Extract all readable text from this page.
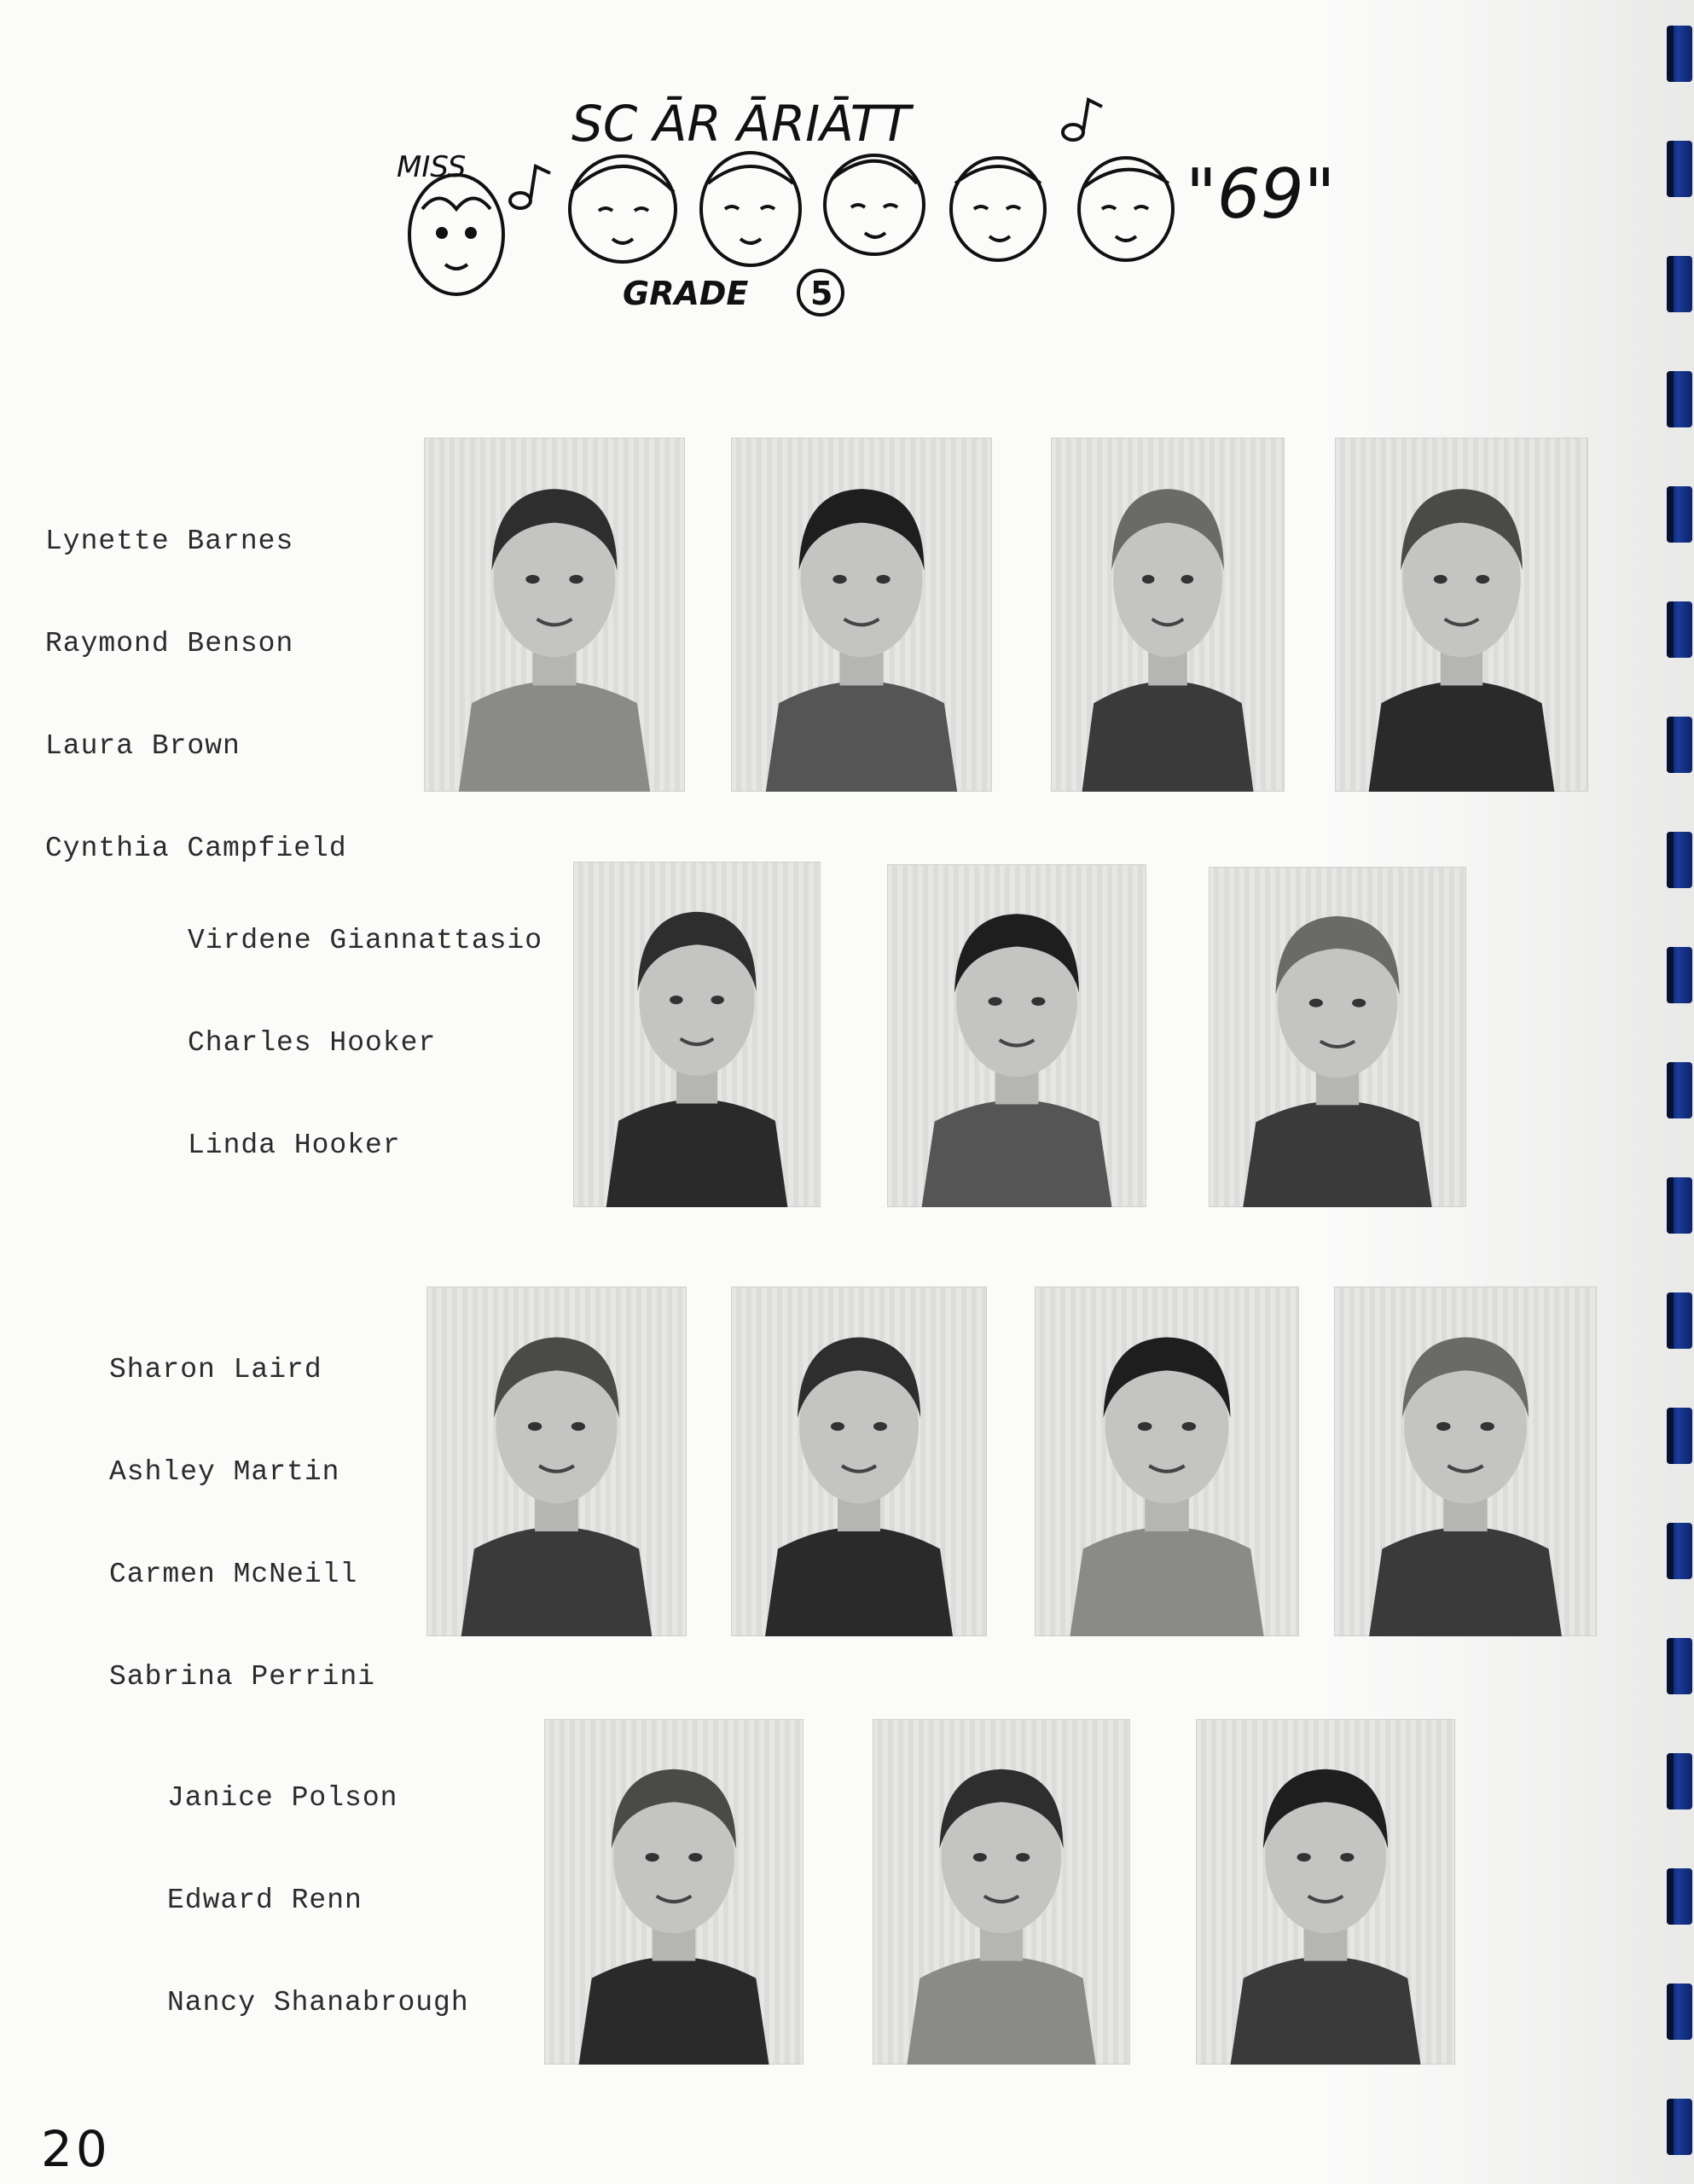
MISS
SC ĀR ĀRIĀTT
GRADE 5
"69"

Lynette Barnes

Raymond Benson

Laura Brown

Cynthia Campfield

Virdene Giannattasio

Charles Hooker

Linda Hooker

Sharon Laird

Ashley Martin

Carmen McNeill

Sabrina Perrini

Janice Polson

Edward Renn

Nancy Shanabrough

20
